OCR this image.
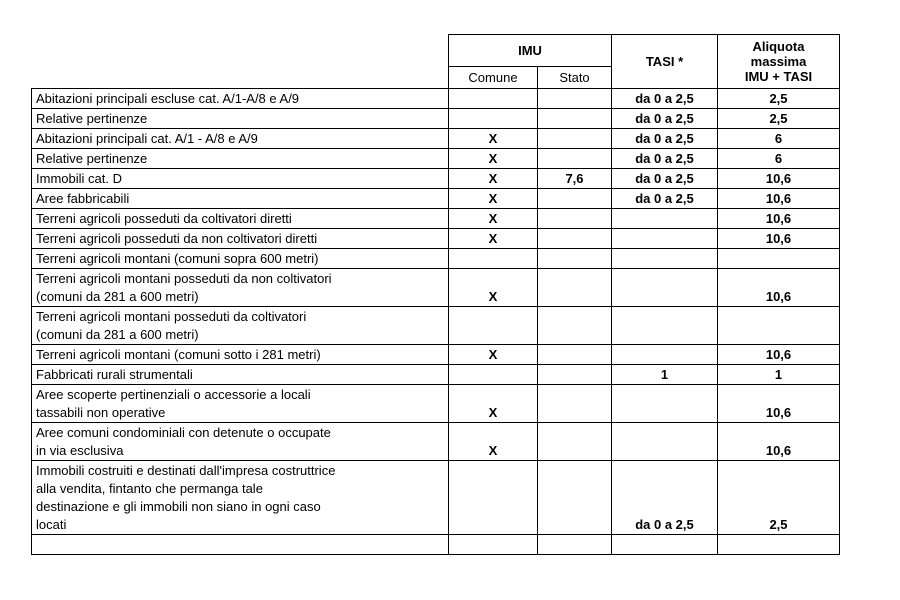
	IMU		TASI *	Aliquota
massima
IMU + TASI

	Comune	Stato		

Abitazioni principali escluse cat. A/1-A/8 e A/9			da 0 a 2,5	2,5

Relative pertinenze			da 0 a 2,5	2,5

Abitazioni principali cat. A/1 - A/8 e A/9	X		da 0 a 2,5	6

Relative pertinenze	X		da 0 a 2,5	6

Immobili cat. D	X	7,6	da 0 a 2,5	10,6

Aree fabbricabili	X		da 0 a 2,5	10,6

Terreni agricoli posseduti da coltivatori diretti	X			10,6

Terreni agricoli posseduti da non coltivatori diretti	X			10,6

Terreni agricoli montani (comuni sopra 600 metri)				

Terreni agricoli montani posseduti da non coltivatori
(comuni da 281 a 600 metri)	X			10,6

Terreni agricoli montani posseduti da coltivatori
(comuni da 281 a 600 metri)				

Terreni agricoli montani (comuni sotto i 281 metri)	X			10,6

Fabbricati rurali strumentali			1	1

Aree scoperte pertinenziali o accessorie a locali
tassabili non operative	X			10,6

Aree comuni condominiali con detenute o occupate
in via esclusiva	X			10,6

Immobili costruiti e destinati dall'impresa costruttrice
alla vendita, fintanto che permanga tale
destinazione e gli immobili non siano in ogni caso
locati			da 0 a 2,5	2,5
